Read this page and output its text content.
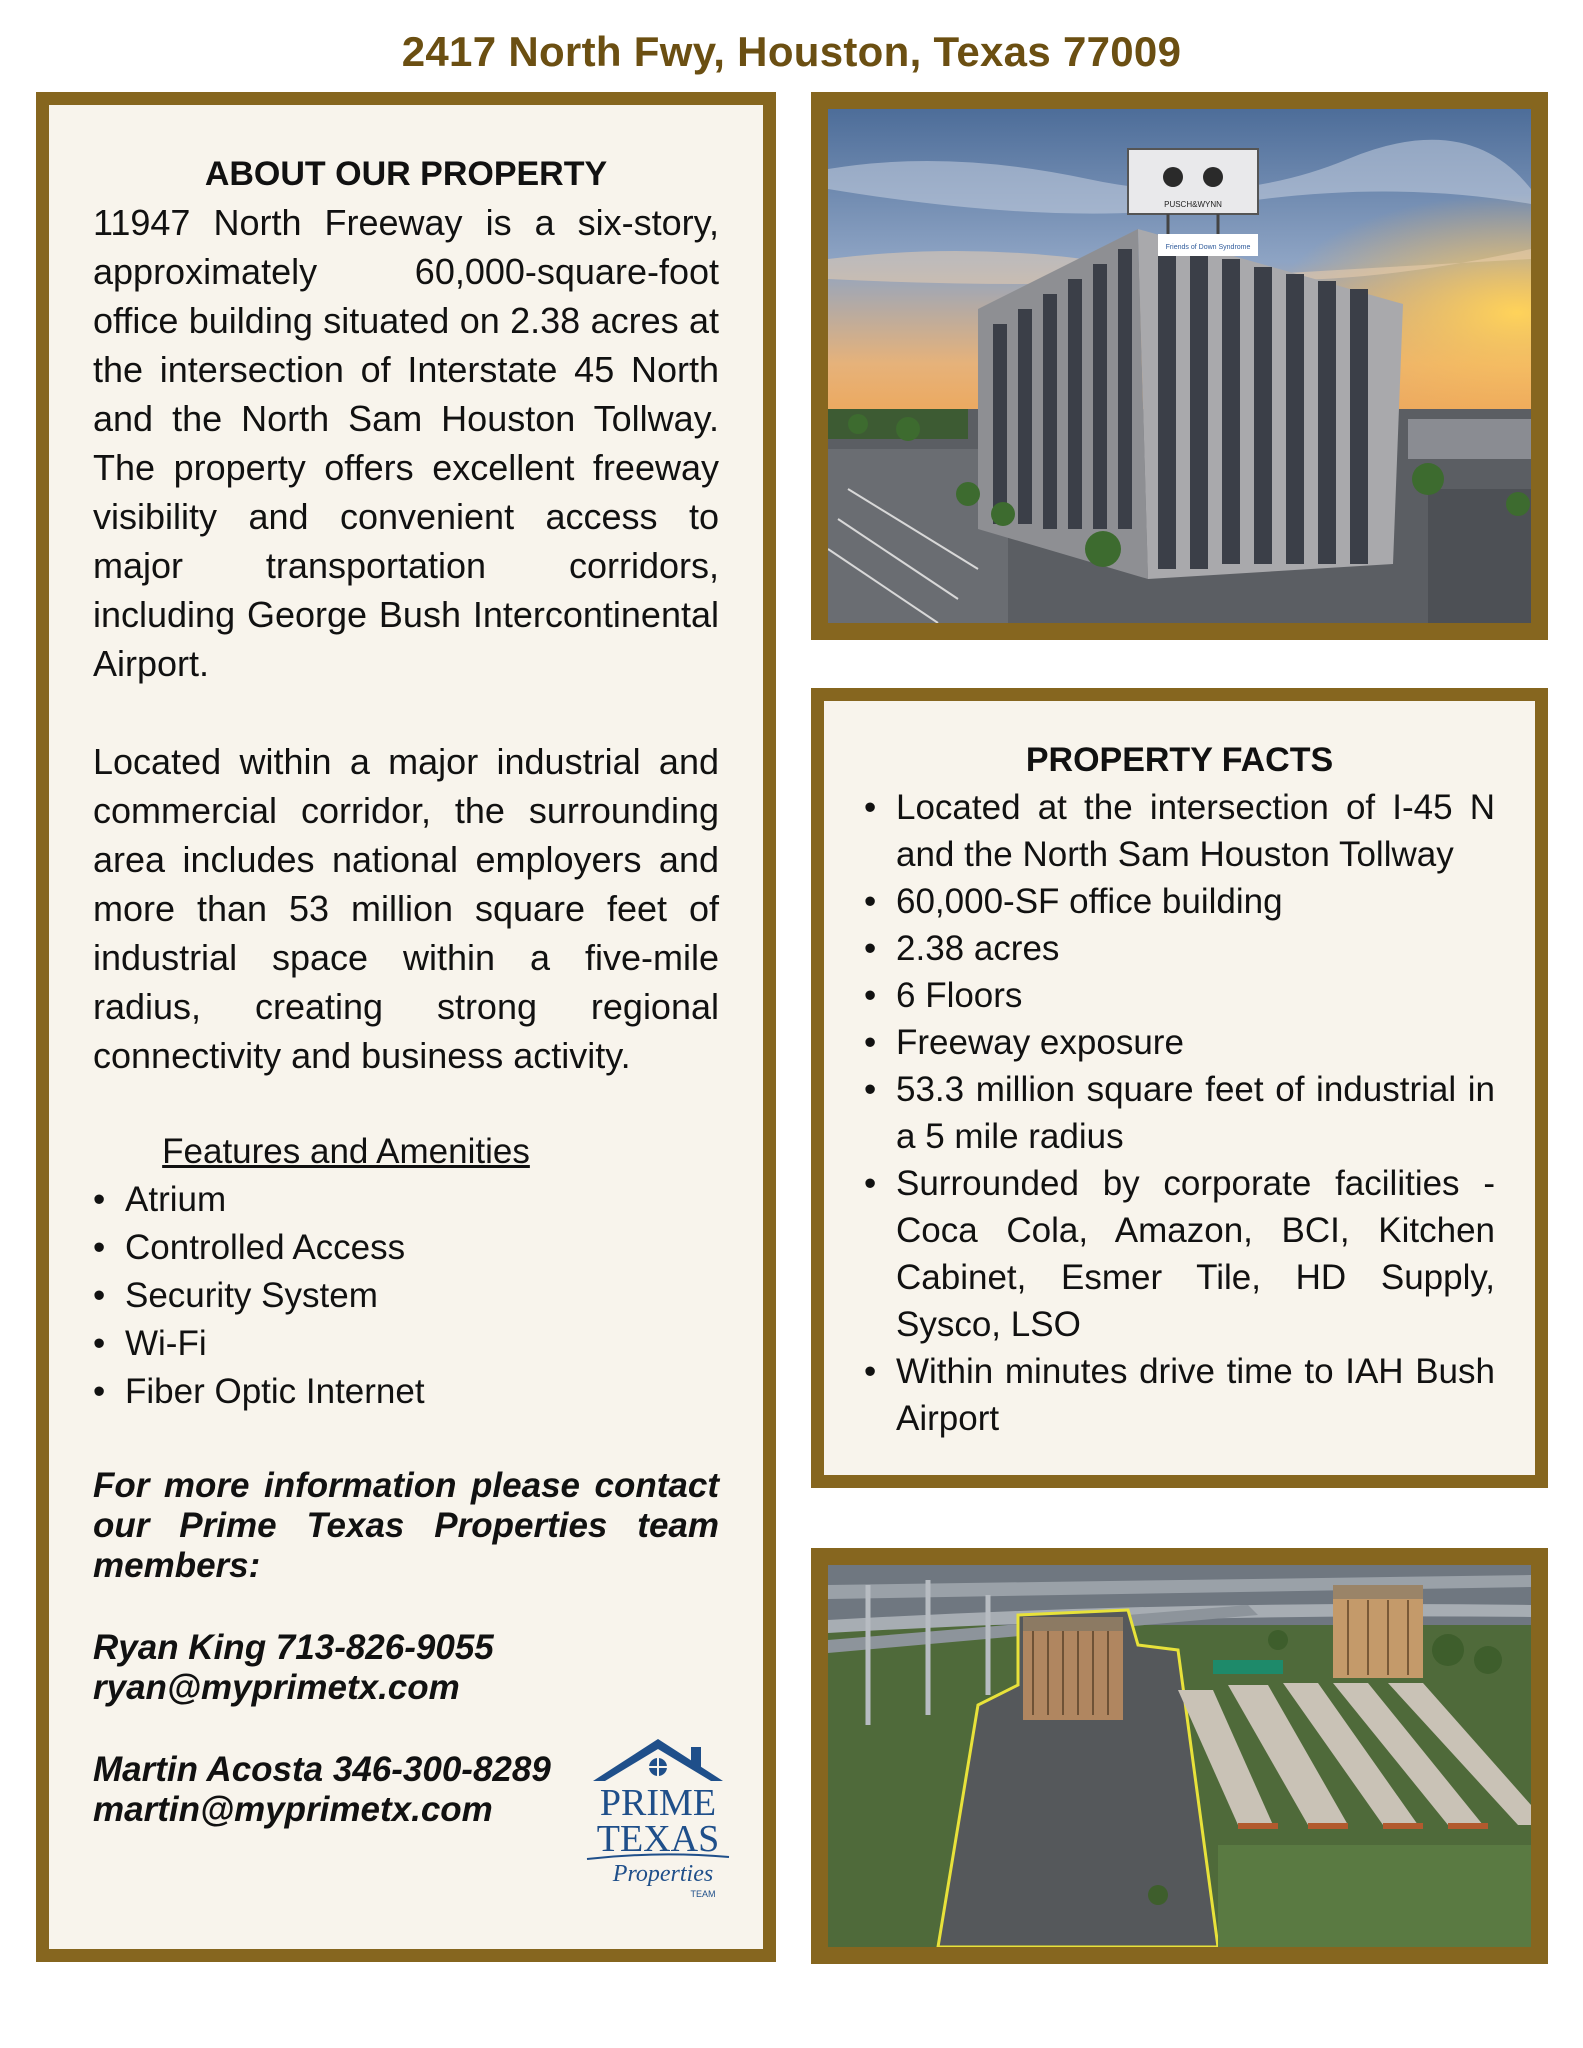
2417 North Fwy, Houston, Texas 77009
ABOUT OUR PROPERTY

11947 North Freeway is a six-story, approximately 60,000-square-foot office building situated on 2.38 acres at the intersection of Interstate 45 North and the North Sam Houston Tollway. The property offers excellent freeway visibility and convenient access to major transportation corridors, including George Bush Intercontinental Airport.

Located within a major industrial and commercial corridor, the surrounding area includes national employers and more than 53 million square feet of industrial space within a five-mile radius, creating strong regional connectivity and business activity.

Features and Amenities
• Atrium
• Controlled Access
• Security System
• Wi-Fi
• Fiber Optic Internet

For more information please contact our Prime Texas Properties team members:

Ryan King 713-826-9055
ryan@myprimetx.com
Martin Acosta 346-300-8289
martin@myprimetx.com	PRIME
TEXAS
Properties
TEAM
PUSCH&WYNN
Friends of Down Syndrome
PROPERTY FACTS
• Located at the intersection of I-45 N and the North Sam Houston Tollway
• 60,000-SF office building
• 2.38 acres
• 6 Floors
• Freeway exposure
• 53.3 million square feet of industrial in a 5 mile radius
• Surrounded by corporate facilities - Coca Cola, Amazon, BCI, Kitchen Cabinet, Esmer Tile, HD Supply, Sysco, LSO
• Within minutes drive time to IAH Bush Airport
